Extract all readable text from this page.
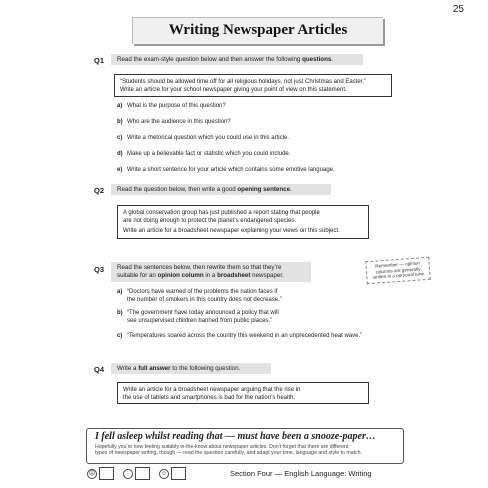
25
Writing Newspaper Articles
Q1	Read the exam-style question below and then answer the following questions.
“Students should be allowed time off for all religious holidays, not just Christmas and Easter.”
Write an article for your school newspaper giving your point of view on this statement.
a) What is the purpose of this question?
b) Who are the audience in this question?
c) Write a rhetorical question which you could use in this article.
d) Make up a believable fact or statistic which you could include.
e) Write a short sentence for your article which contains some emotive language.
Q2	Read the question below, then write a good opening sentence.
A global conservation group has just published a report stating that people
are not doing enough to protect the planet’s endangered species.
Write an article for a broadsheet newspaper explaining your views on this subject.
Q3 Read the sentences below, then rewrite them so that they’re
suitable for an opinion column in a broadsheet newspaper.
Remember — opinion columns are generally written in a personal tone
a) “Doctors have warned of the problems the nation faces if
the number of smokers in this country does not decrease.”
b) “The government have today announced a policy that will
see unsupervised children banned from public places.”
c) “Temperatures soared across the country this weekend in an unprecedented heat wave.”
Q4	Write a full answer to the following question.
Write an article for a broadsheet newspaper arguing that the rise in
the use of tablets and smartphones is bad for the nation’s health.
I fell asleep whilst reading that — must have been a snooze-paper…
Hopefully you’re now feeling suitably in-the-know about newspaper articles. Don’t forget that there are different
types of newspaper writing, though — read the question carefully, and adapt your tone, language and style to match.
☹	·	☺	Section Four — English Language: Writing
